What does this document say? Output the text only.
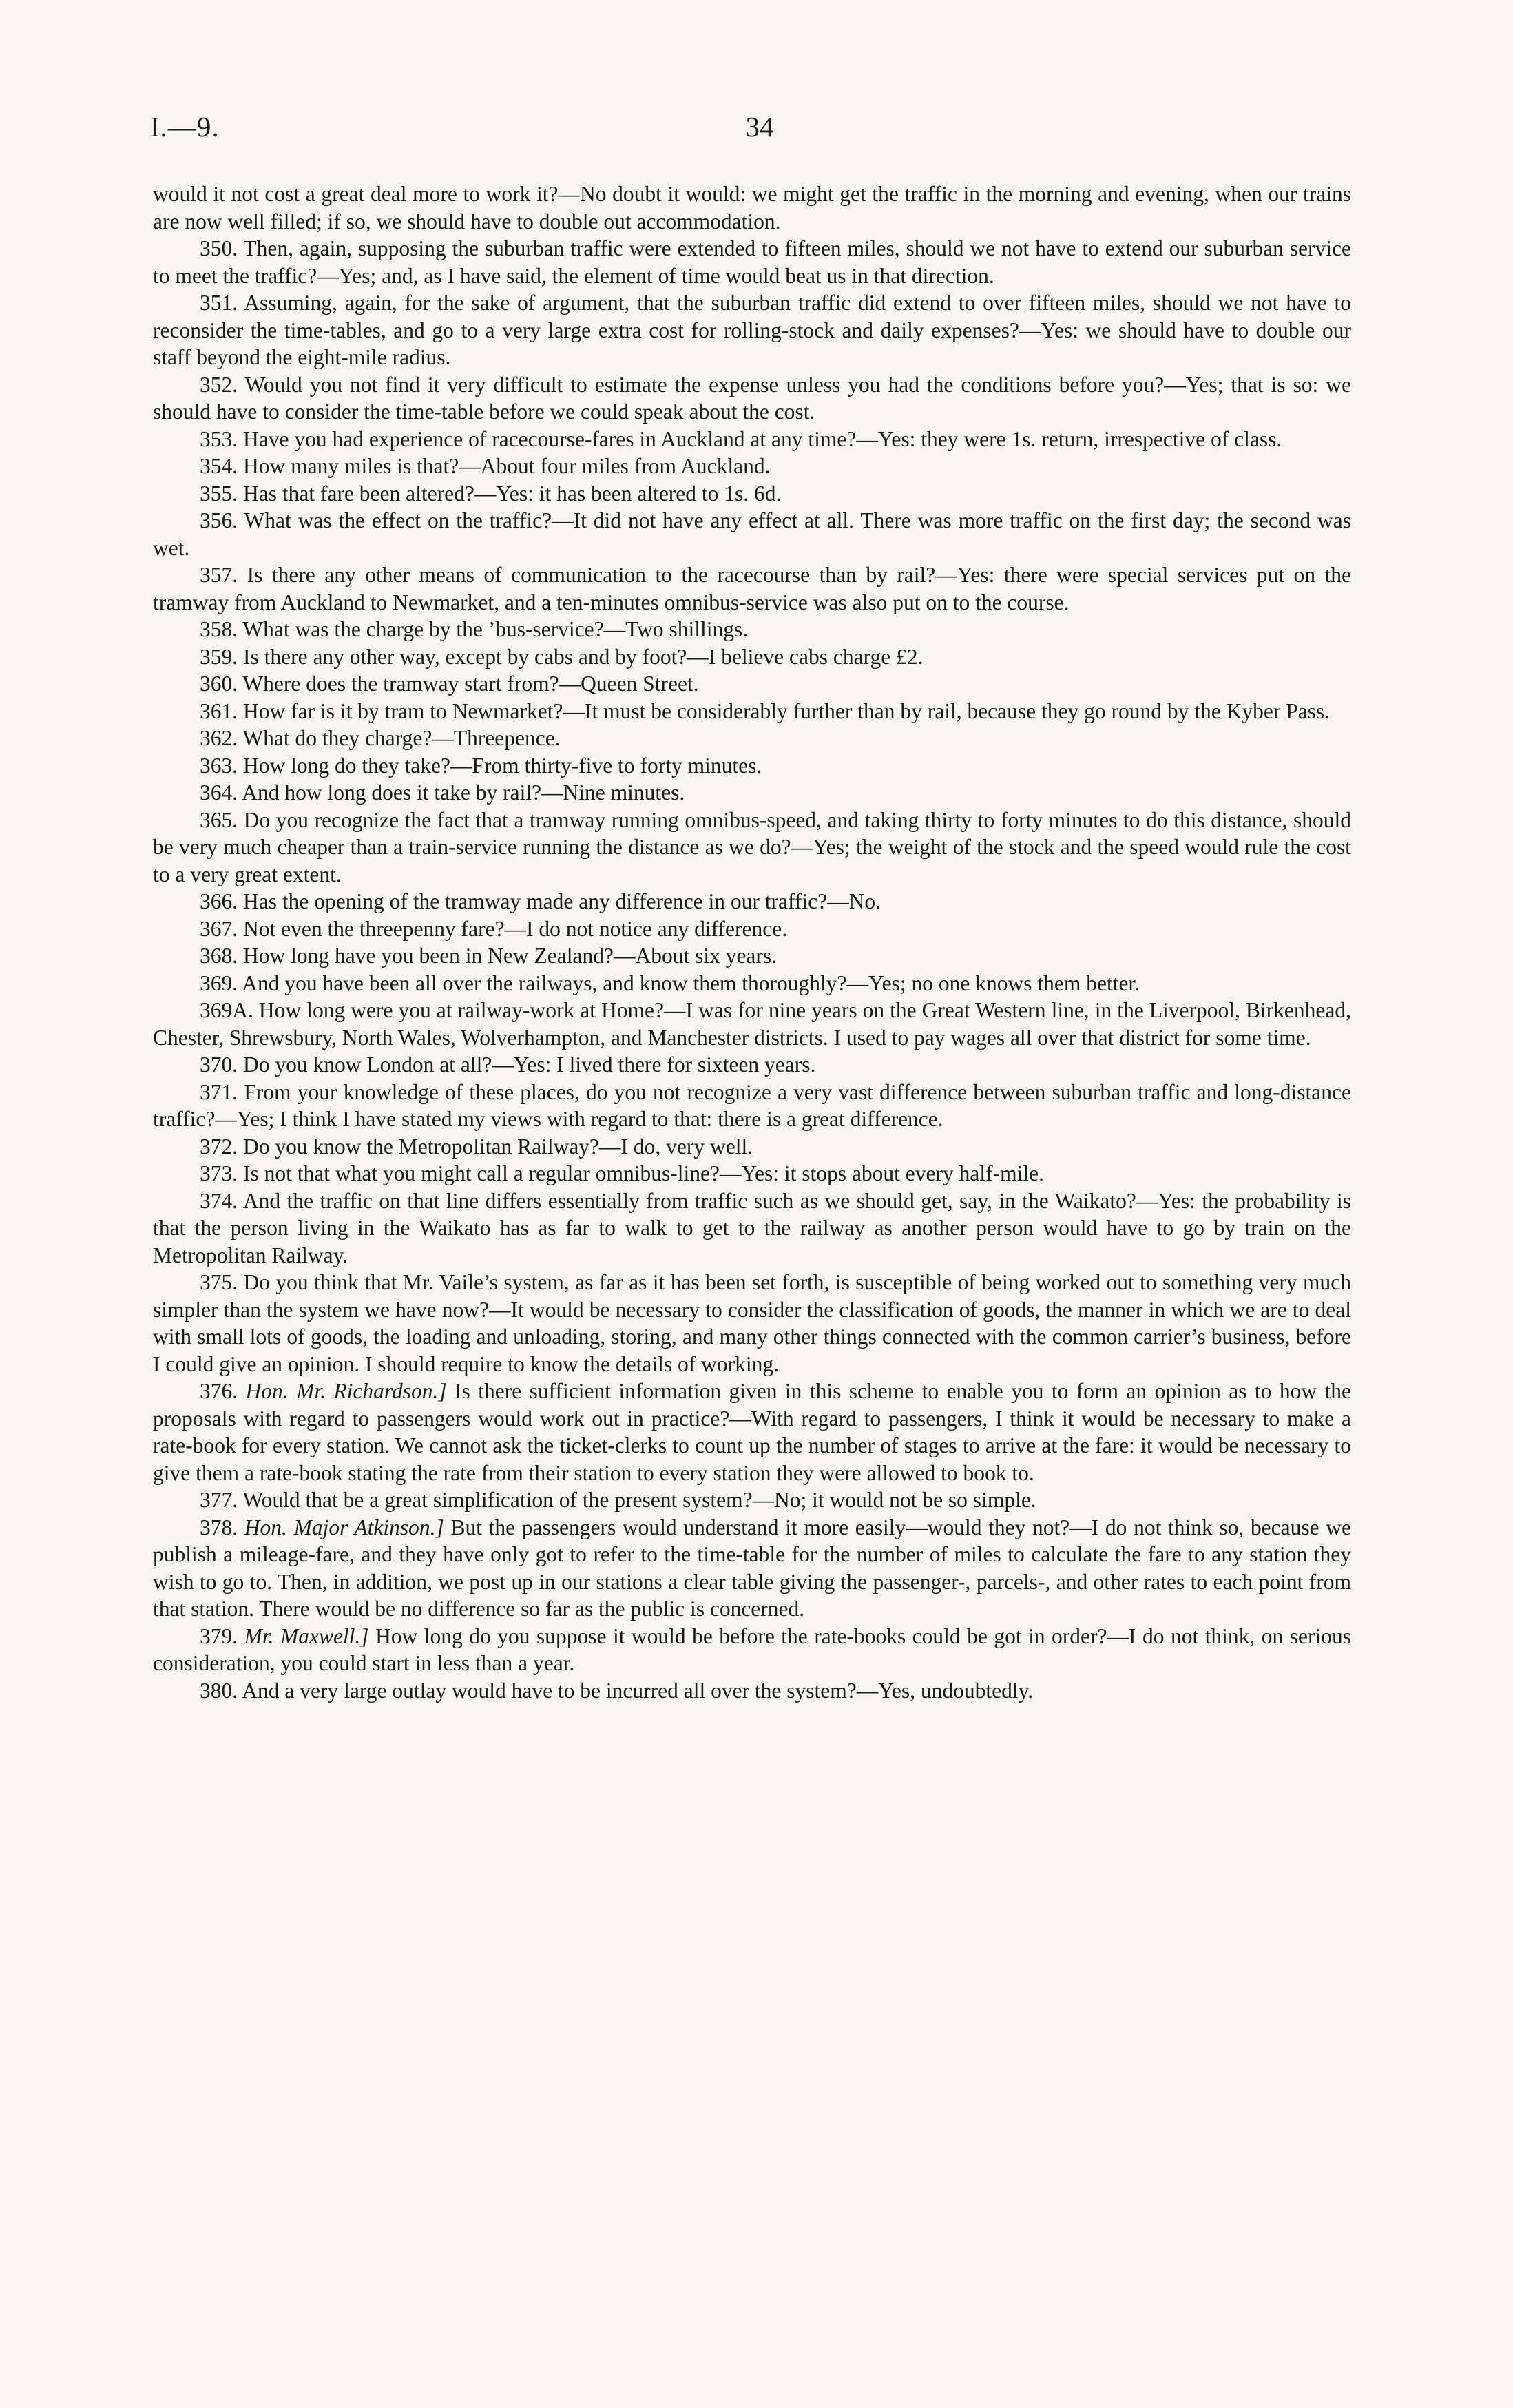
I.—9.	34

would it not cost a great deal more to work it?—No doubt it would: we might get the traffic in the morning and evening, when our trains are now well filled; if so, we should have to double out accommodation.

350. Then, again, supposing the suburban traffic were extended to fifteen miles, should we not have to extend our suburban service to meet the traffic?—Yes; and, as I have said, the element of time would beat us in that direction.

351. Assuming, again, for the sake of argument, that the suburban traffic did extend to over fifteen miles, should we not have to reconsider the time-tables, and go to a very large extra cost for rolling-stock and daily expenses?—Yes: we should have to double our staff beyond the eight-mile radius.

352. Would you not find it very difficult to estimate the expense unless you had the conditions before you?—Yes; that is so: we should have to consider the time-table before we could speak about the cost.

353. Have you had experience of racecourse-fares in Auckland at any time?—Yes: they were 1s. return, irrespective of class.

354. How many miles is that?—About four miles from Auckland.

355. Has that fare been altered?—Yes: it has been altered to 1s. 6d.

356. What was the effect on the traffic?—It did not have any effect at all. There was more traffic on the first day; the second was wet.

357. Is there any other means of communication to the racecourse than by rail?—Yes: there were special services put on the tramway from Auckland to Newmarket, and a ten-minutes omnibus-service was also put on to the course.

358. What was the charge by the ’bus-service?—Two shillings.

359. Is there any other way, except by cabs and by foot?—I believe cabs charge £2.

360. Where does the tramway start from?—Queen Street.

361. How far is it by tram to Newmarket?—It must be considerably further than by rail, because they go round by the Kyber Pass.

362. What do they charge?—Threepence.

363. How long do they take?—From thirty-five to forty minutes.

364. And how long does it take by rail?—Nine minutes.

365. Do you recognize the fact that a tramway running omnibus-speed, and taking thirty to forty minutes to do this distance, should be very much cheaper than a train-service running the distance as we do?—Yes; the weight of the stock and the speed would rule the cost to a very great extent.

366. Has the opening of the tramway made any difference in our traffic?—No.

367. Not even the threepenny fare?—I do not notice any difference.

368. How long have you been in New Zealand?—About six years.

369. And you have been all over the railways, and know them thoroughly?—Yes; no one knows them better.

369A. How long were you at railway-work at Home?—I was for nine years on the Great Western line, in the Liverpool, Birkenhead, Chester, Shrewsbury, North Wales, Wolverhampton, and Manchester districts. I used to pay wages all over that district for some time.

370. Do you know London at all?—Yes: I lived there for sixteen years.

371. From your knowledge of these places, do you not recognize a very vast difference between suburban traffic and long-distance traffic?—Yes; I think I have stated my views with regard to that: there is a great difference.

372. Do you know the Metropolitan Railway?—I do, very well.

373. Is not that what you might call a regular omnibus-line?—Yes: it stops about every half-mile.

374. And the traffic on that line differs essentially from traffic such as we should get, say, in the Waikato?—Yes: the probability is that the person living in the Waikato has as far to walk to get to the railway as another person would have to go by train on the Metropolitan Railway.

375. Do you think that Mr. Vaile’s system, as far as it has been set forth, is susceptible of being worked out to something very much simpler than the system we have now?—It would be necessary to consider the classification of goods, the manner in which we are to deal with small lots of goods, the loading and unloading, storing, and many other things connected with the common carrier’s business, before I could give an opinion. I should require to know the details of working.

376. Hon. Mr. Richardson.] Is there sufficient information given in this scheme to enable you to form an opinion as to how the proposals with regard to passengers would work out in practice?—With regard to passengers, I think it would be necessary to make a rate-book for every station. We cannot ask the ticket-clerks to count up the number of stages to arrive at the fare: it would be necessary to give them a rate-book stating the rate from their station to every station they were allowed to book to.

377. Would that be a great simplification of the present system?—No; it would not be so simple.

378. Hon. Major Atkinson.] But the passengers would understand it more easily—would they not?—I do not think so, because we publish a mileage-fare, and they have only got to refer to the time-table for the number of miles to calculate the fare to any station they wish to go to. Then, in addition, we post up in our stations a clear table giving the passenger-, parcels-, and other rates to each point from that station. There would be no difference so far as the public is concerned.

379. Mr. Maxwell.] How long do you suppose it would be before the rate-books could be got in order?—I do not think, on serious consideration, you could start in less than a year.

380. And a very large outlay would have to be incurred all over the system?—Yes, undoubtedly.
